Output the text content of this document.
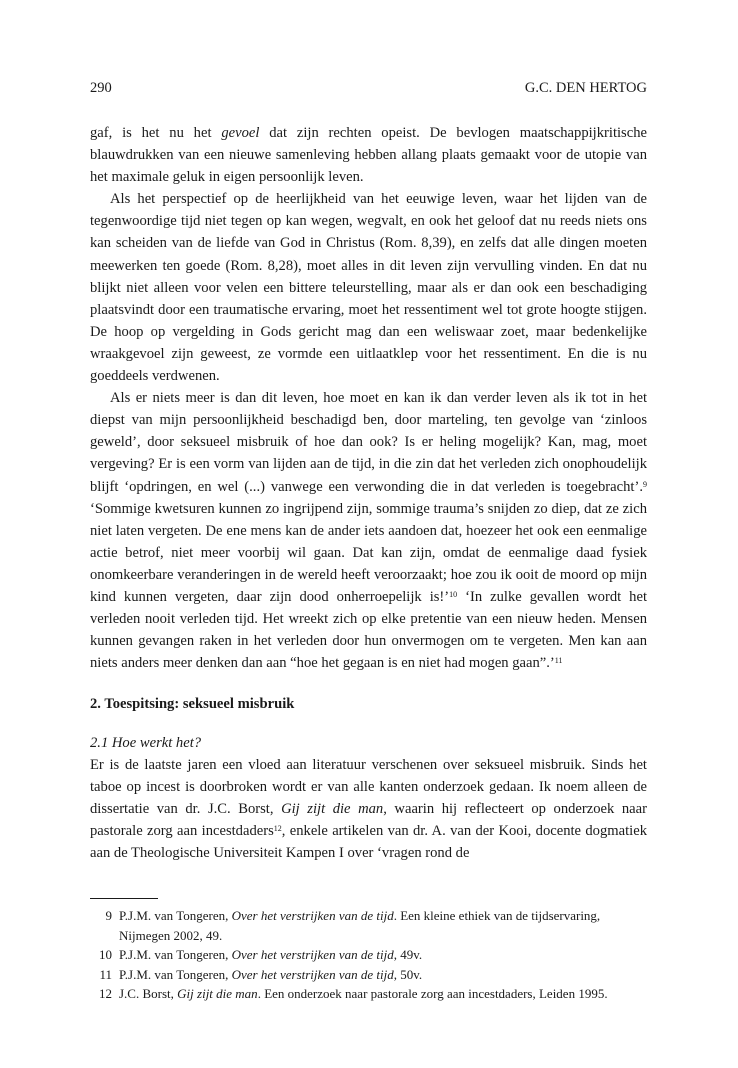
290	G.C. DEN HERTOG

gaf, is het nu het gevoel dat zijn rechten opeist. De bevlogen maatschappijkritische blauwdrukken van een nieuwe samenleving hebben allang plaats gemaakt voor de utopie van het maximale geluk in eigen persoonlijk leven.

Als het perspectief op de heerlijkheid van het eeuwige leven, waar het lijden van de tegenwoordige tijd niet tegen op kan wegen, wegvalt, en ook het geloof dat nu reeds niets ons kan scheiden van de liefde van God in Christus (Rom. 8,39), en zelfs dat alle dingen moeten meewerken ten goede (Rom. 8,28), moet alles in dit leven zijn vervulling vinden. En dat nu blijkt niet alleen voor velen een bittere teleurstelling, maar als er dan ook een beschadiging plaatsvindt door een traumatische ervaring, moet het ressentiment wel tot grote hoogte stijgen. De hoop op vergelding in Gods gericht mag dan een weliswaar zoet, maar bedenkelijke wraakgevoel zijn geweest, ze vormde een uitlaatklep voor het ressentiment. En die is nu goeddeels verdwenen.

Als er niets meer is dan dit leven, hoe moet en kan ik dan verder leven als ik tot in het diepst van mijn persoonlijkheid beschadigd ben, door marteling, ten gevolge van ‘zinloos geweld’, door seksueel misbruik of hoe dan ook? Is er heling mogelijk? Kan, mag, moet vergeving? Er is een vorm van lijden aan de tijd, in die zin dat het verleden zich onophoudelijk blijft ‘opdringen, en wel (...) vanwege een verwonding die in dat verleden is toegebracht’.$^9$ ‘Sommige kwetsuren kunnen zo ingrijpend zijn, sommige trauma’s snijden zo diep, dat ze zich niet laten vergeten. De ene mens kan de ander iets aandoen dat, hoezeer het ook een eenmalige actie betrof, niet meer voorbij wil gaan. Dat kan zijn, omdat de eenmalige daad fysiek onomkeerbare veranderingen in de wereld heeft veroorzaakt; hoe zou ik ooit de moord op mijn kind kunnen vergeten, daar zijn dood onherroepelijk is!’$^{10}$ ‘In zulke gevallen wordt het verleden nooit verleden tijd. Het wreekt zich op elke pretentie van een nieuw heden. Mensen kunnen gevangen raken in het verleden door hun onvermogen om te vergeten. Men kan aan niets anders meer denken dan aan “hoe het gegaan is en niet had mogen gaan”.’$^{11}$

2. Toespitsing: seksueel misbruik
2.1 Hoe werkt het?

Er is de laatste jaren een vloed aan literatuur verschenen over seksueel misbruik. Sinds het taboe op incest is doorbroken wordt er van alle kanten onderzoek gedaan. Ik noem alleen de dissertatie van dr. J.C. Borst, Gij zijt die man, waarin hij reflecteert op onderzoek naar pastorale zorg aan incestdaders$^{12}$, enkele artikelen van dr. A. van der Kooi, docente dogmatiek aan de Theologische Universiteit Kampen I over ‘vragen rond de

9 P.J.M. van Tongeren, Over het verstrijken van de tijd. Een kleine ethiek van de tijdservaring, Nijmegen 2002, 49.
10 P.J.M. van Tongeren, Over het verstrijken van de tijd, 49v.
11 P.J.M. van Tongeren, Over het verstrijken van de tijd, 50v.
12 J.C. Borst, Gij zijt die man. Een onderzoek naar pastorale zorg aan incestdaders, Leiden 1995.
